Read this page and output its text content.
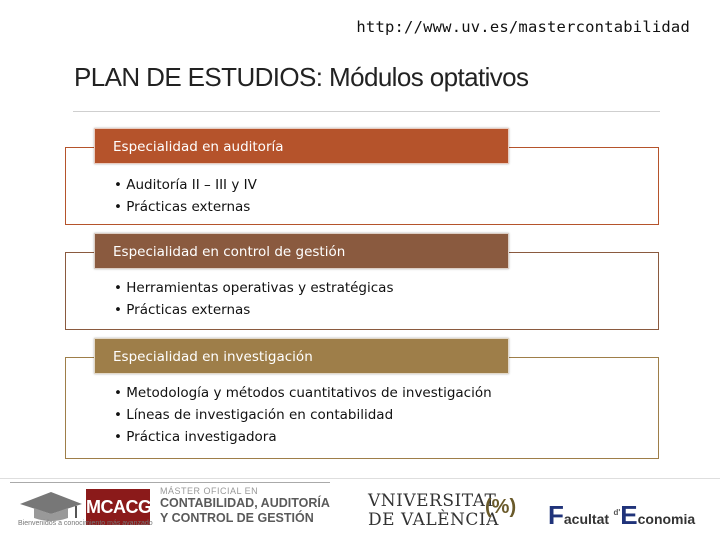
http://www.uv.es/mastercontabilidad
PLAN DE ESTUDIOS: Módulos optativos
Especialidad en auditoría
• Auditoría II – III y IV
• Prácticas externas
Especialidad en control de gestión
• Herramientas operativas y estratégicas
• Prácticas externas
Especialidad en investigación
• Metodología y métodos cuantitativos de investigación
• Líneas de investigación en contabilidad
• Práctica investigadora
MCACG
Bienvenidos a conocimiento más avanzado
MÁSTER OFICIAL EN
CONTABILIDAD, AUDITORÍA
Y CONTROL DE GESTIÓN
VNIVERSITAT
DE VALÈNCIA
(%)	Facultat $^{d'}$Economia
